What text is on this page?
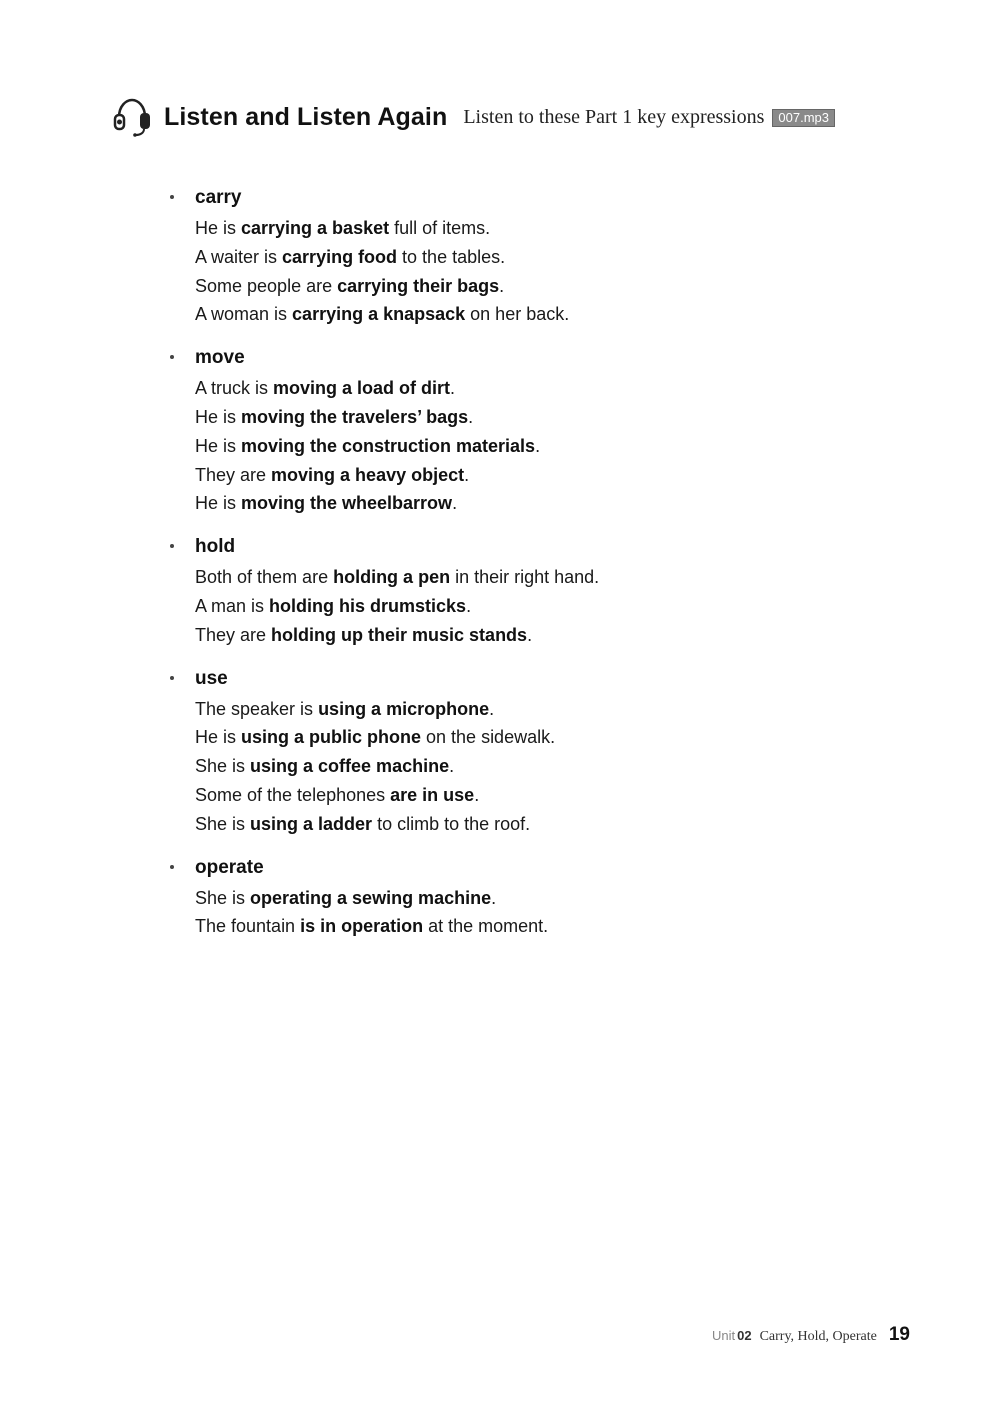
Listen and Listen Again Listen to these Part 1 key expressions	007.mp3
carry
He is carrying a basket full of items.
A waiter is carrying food to the tables.
Some people are carrying their bags.
A woman is carrying a knapsack on her back.
move
A truck is moving a load of dirt.
He is moving the travelers’ bags.
He is moving the construction materials.
They are moving a heavy object.
He is moving the wheelbarrow.
hold
Both of them are holding a pen in their right hand.
A man is holding his drumsticks.
They are holding up their music stands.
use
The speaker is using a microphone.
He is using a public phone on the sidewalk.
She is using a coffee machine.
Some of the telephones are in use.
She is using a ladder to climb to the roof.
operate
She is operating a sewing machine.
The fountain is in operation at the moment.
Unit 02 Carry, Hold, Operate 19
